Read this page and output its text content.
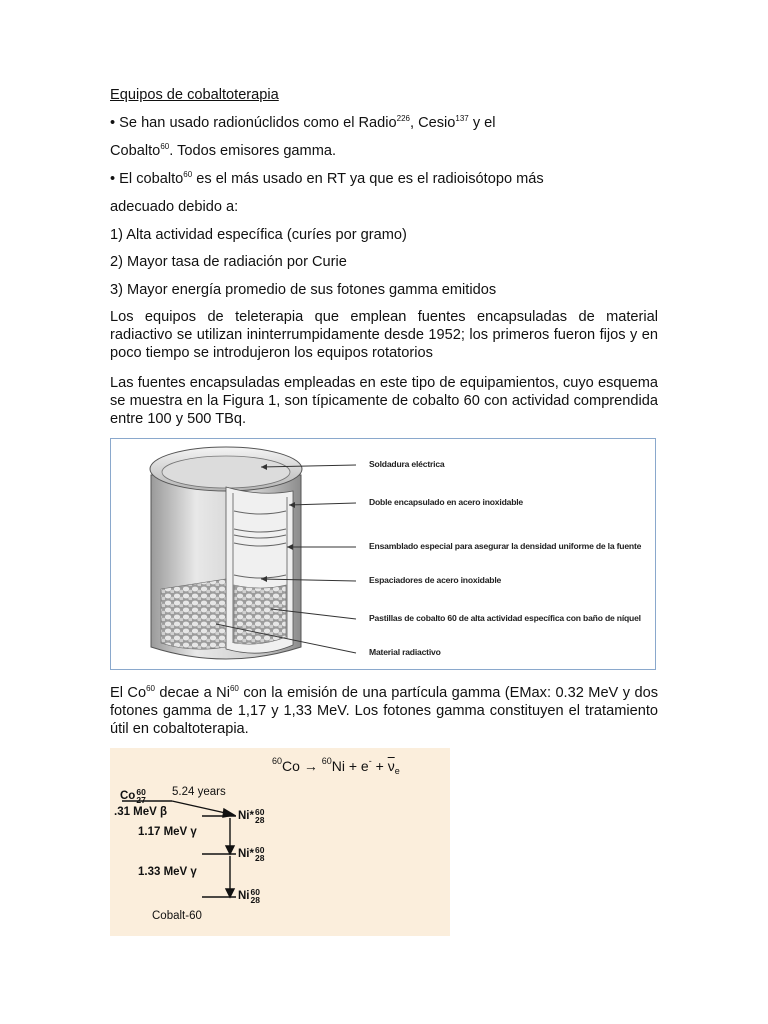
Equipos de cobaltoterapia

• Se han usado radionúclidos como el Radio$^{226}$, Cesio$^{137}$ y el

Cobalto$^{60}$. Todos emisores gamma.

• El cobalto$^{60}$ es el más usado en RT ya que es el radioisótopo más

adecuado debido a:

1) Alta actividad específica (curíes por gramo)

2) Mayor tasa de radiación por Curie

3) Mayor energía promedio de sus fotones gamma emitidos

Los equipos de teleterapia que emplean fuentes encapsuladas de material radiactivo se utilizan ininterrumpidamente desde 1952; los primeros fueron fijos y en poco tiempo se introdujeron los equipos rotatorios

Las fuentes encapsuladas empleadas en este tipo de equipamientos, cuyo esquema se muestra en la Figura 1, son típicamente de cobalto 60 con actividad comprendida entre 100 y 500 TBq.

Soldadura eléctrica
Doble encapsulado en acero inoxidable
Ensamblado especial para asegurar la densidad uniforme de la fuente
Espaciadores de acero inoxidable
Pastillas de cobalto 60 de alta actividad específica con baño de níquel
Material radiactivo

El Co$^{60}$ decae a Ni$^{60}$ con la emisión de una partícula gamma (EMax: 0.32 MeV y dos fotones gamma de 1,17 y 1,33 MeV. Los fotones gamma constituyen el tratamiento útil en cobaltoterapia.

$^{60}Co \to ^{60}Ni + e^- + \overline{\nu}_e$
Co60
27
5.24 years
.31 MeV β	Ni*60
28
1.17 MeV γ
Ni*60
28
1.33 MeV γ
Ni60
28
Cobalt-60
